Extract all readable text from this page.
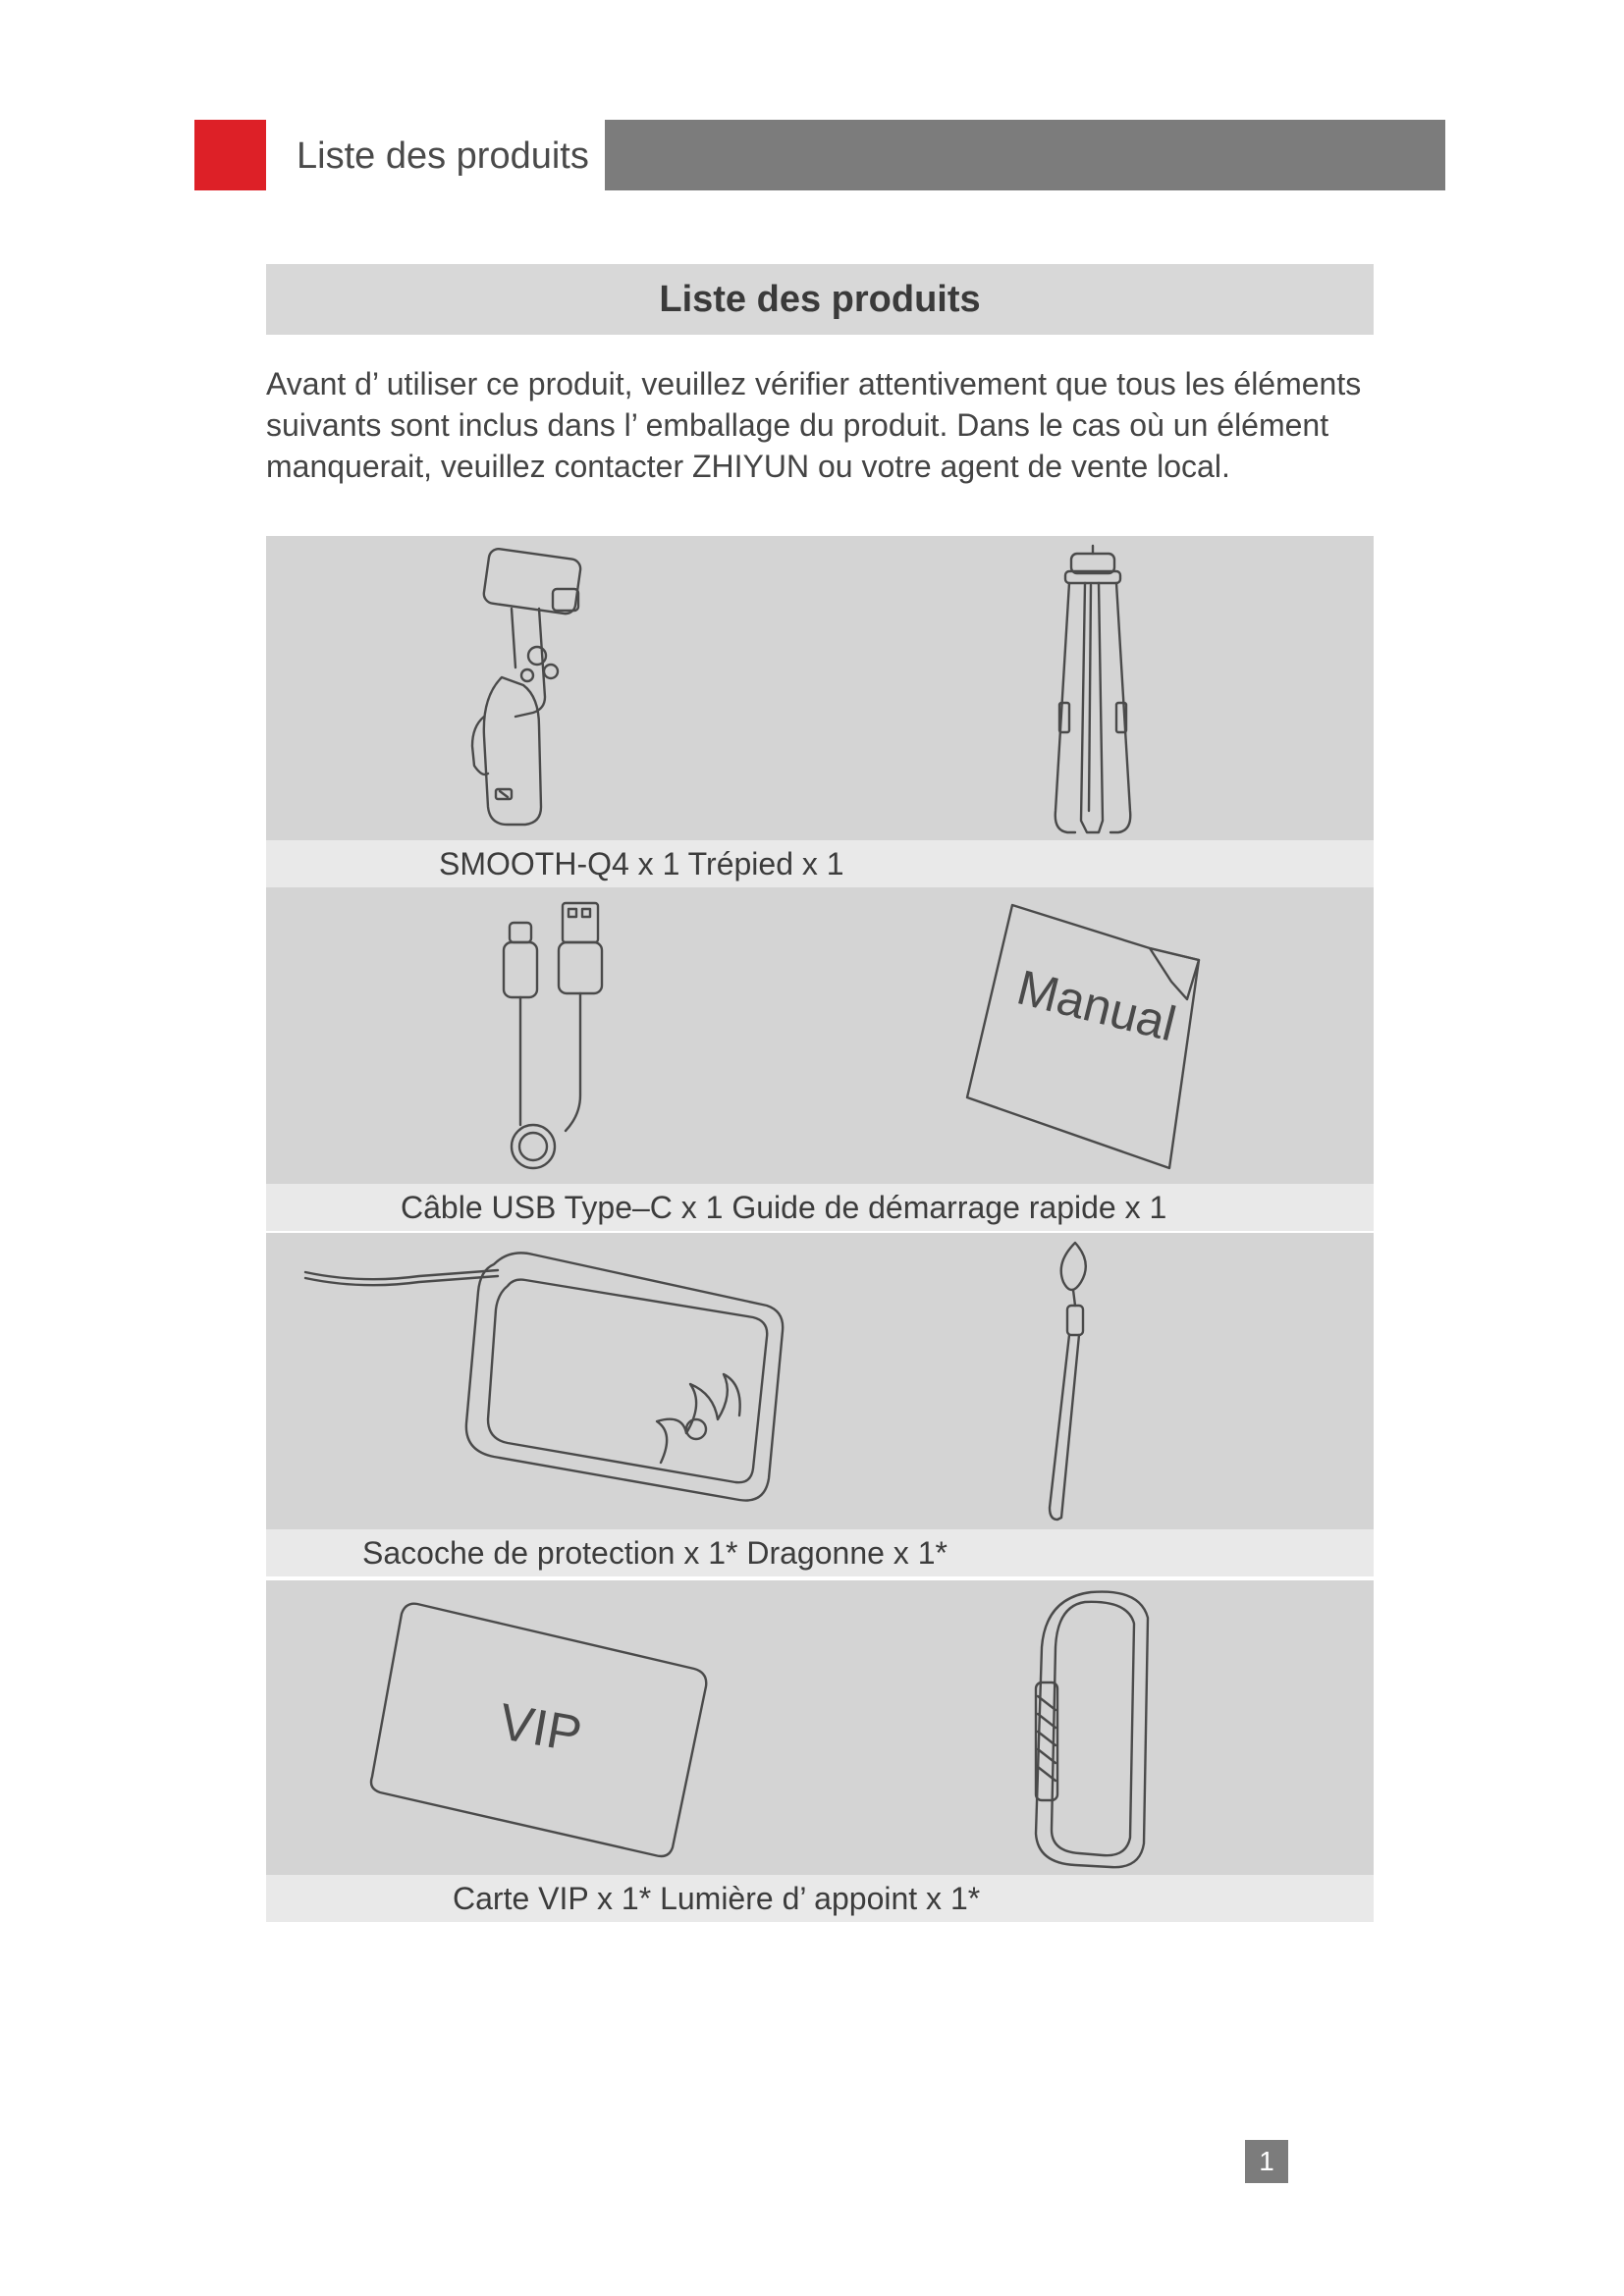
Liste des produits
Liste des produits

Avant d’ utiliser ce produit, veuillez vérifier attentivement que tous les éléments

suivants sont inclus dans l’ emballage du produit. Dans le cas où un élément

manquerait, veuillez contacter ZHIYUN ou votre agent de vente local.

SMOOTH-Q4 x 1 Trépied x 1
Manual
Câble USB Type–C x 1 Guide de démarrage rapide x 1
Sacoche de protection x 1* Dragonne x 1*
VIP
Carte VIP x 1* Lumière d’ appoint x 1*
1
